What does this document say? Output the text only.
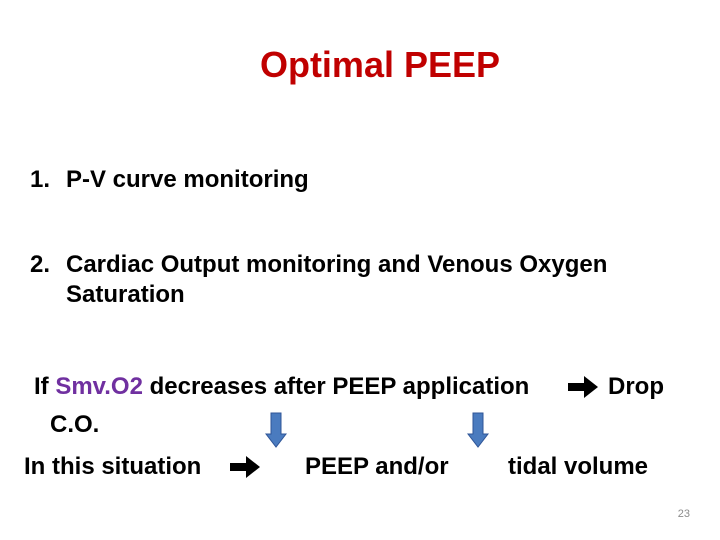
Optimal PEEP
1. P-V curve monitoring
2. Cardiac Output monitoring and Venous Oxygen
Saturation
If Smv.O2 decreases after PEEP application	Drop
C.O.
In this situation	PEEP and/or tidal volume
23
